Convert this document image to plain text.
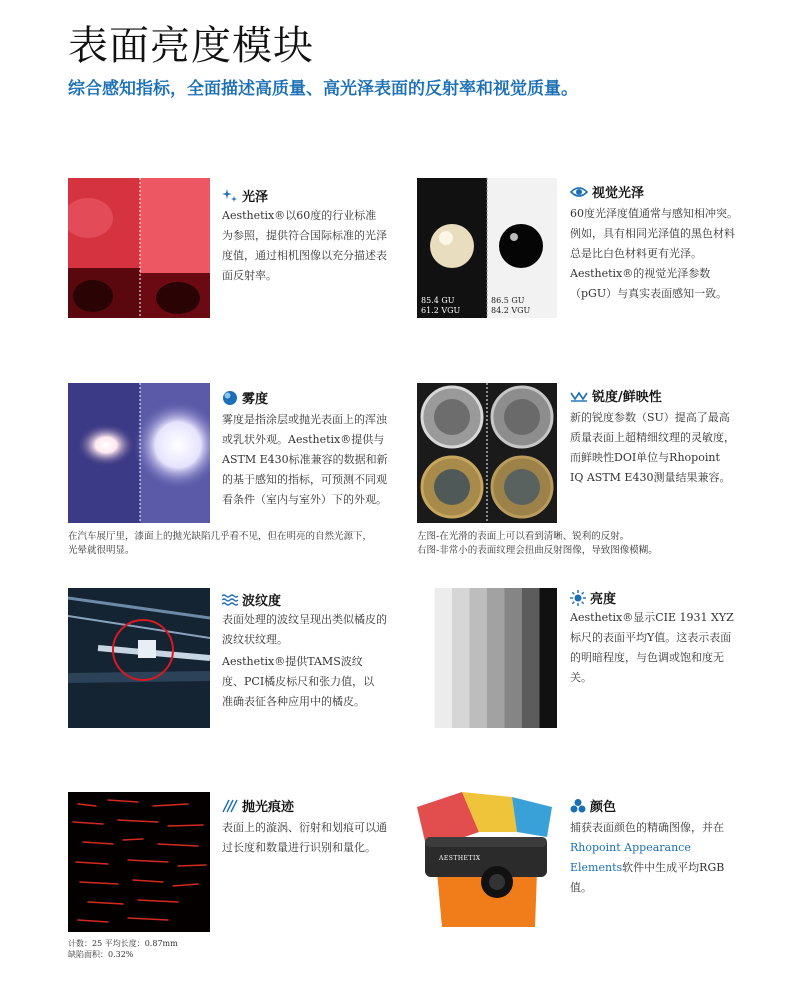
表面亮度模块
综合感知指标，全面描述高质量、高光泽表面的反射率和视觉质量。
光泽
Aesthetix®以60度的行业标准为参照，提供符合国际标准的光泽度值，通过相机图像以充分描述表面反射率。
85.4 GU
61.2 VGU
86.5 GU
84.2 VGU
视觉光泽
60度光泽度值通常与感知相冲突。例如，具有相同光泽值的黑色材料总是比白色材料更有光泽。 Aesthetix®的视觉光泽参数（pGU）与真实表面感知一致。
雾度
雾度是指涂层或抛光表面上的浑浊或乳状外观。Aesthetix®提供与ASTM E430标准兼容的数据和新的基于感知的指标，可预测不同观看条件（室内与室外）下的外观。
在汽车展厅里，漆面上的抛光缺陷几乎看不见，但在明亮的自然光源下，光晕就很明显。
锐度/鲜映性
新的锐度参数（SU）提高了最高质量表面上超精细纹理的灵敏度，而鲜映性DOI单位与Rhopoint IQ ASTM E430测量结果兼容。
左图-在光滑的表面上可以看到清晰、锐利的反射。
右图-非常小的表面纹理会扭曲反射图像，导致图像模糊。
波纹度
表面处理的波纹呈现出类似橘皮的波纹状纹理。
Aesthetix®提供TAMS波纹度、PCI橘皮标尺和张力值，以准确表征各种应用中的橘皮。
亮度
Aesthetix®显示CIE 1931 XYZ标尺的表面平均Y值。这表示表面的明暗程度，与色调或饱和度无关。
抛光痕迹
表面上的漩涡、衍射和划痕可以通过长度和数量进行识别和量化。
计数：25 平均长度：0.87mm
缺陷面积：0.32%
AESTHETIX
颜色
捕获表面颜色的精确图像，并在Rhopoint Appearance Elements软件中生成平均RGB值。
